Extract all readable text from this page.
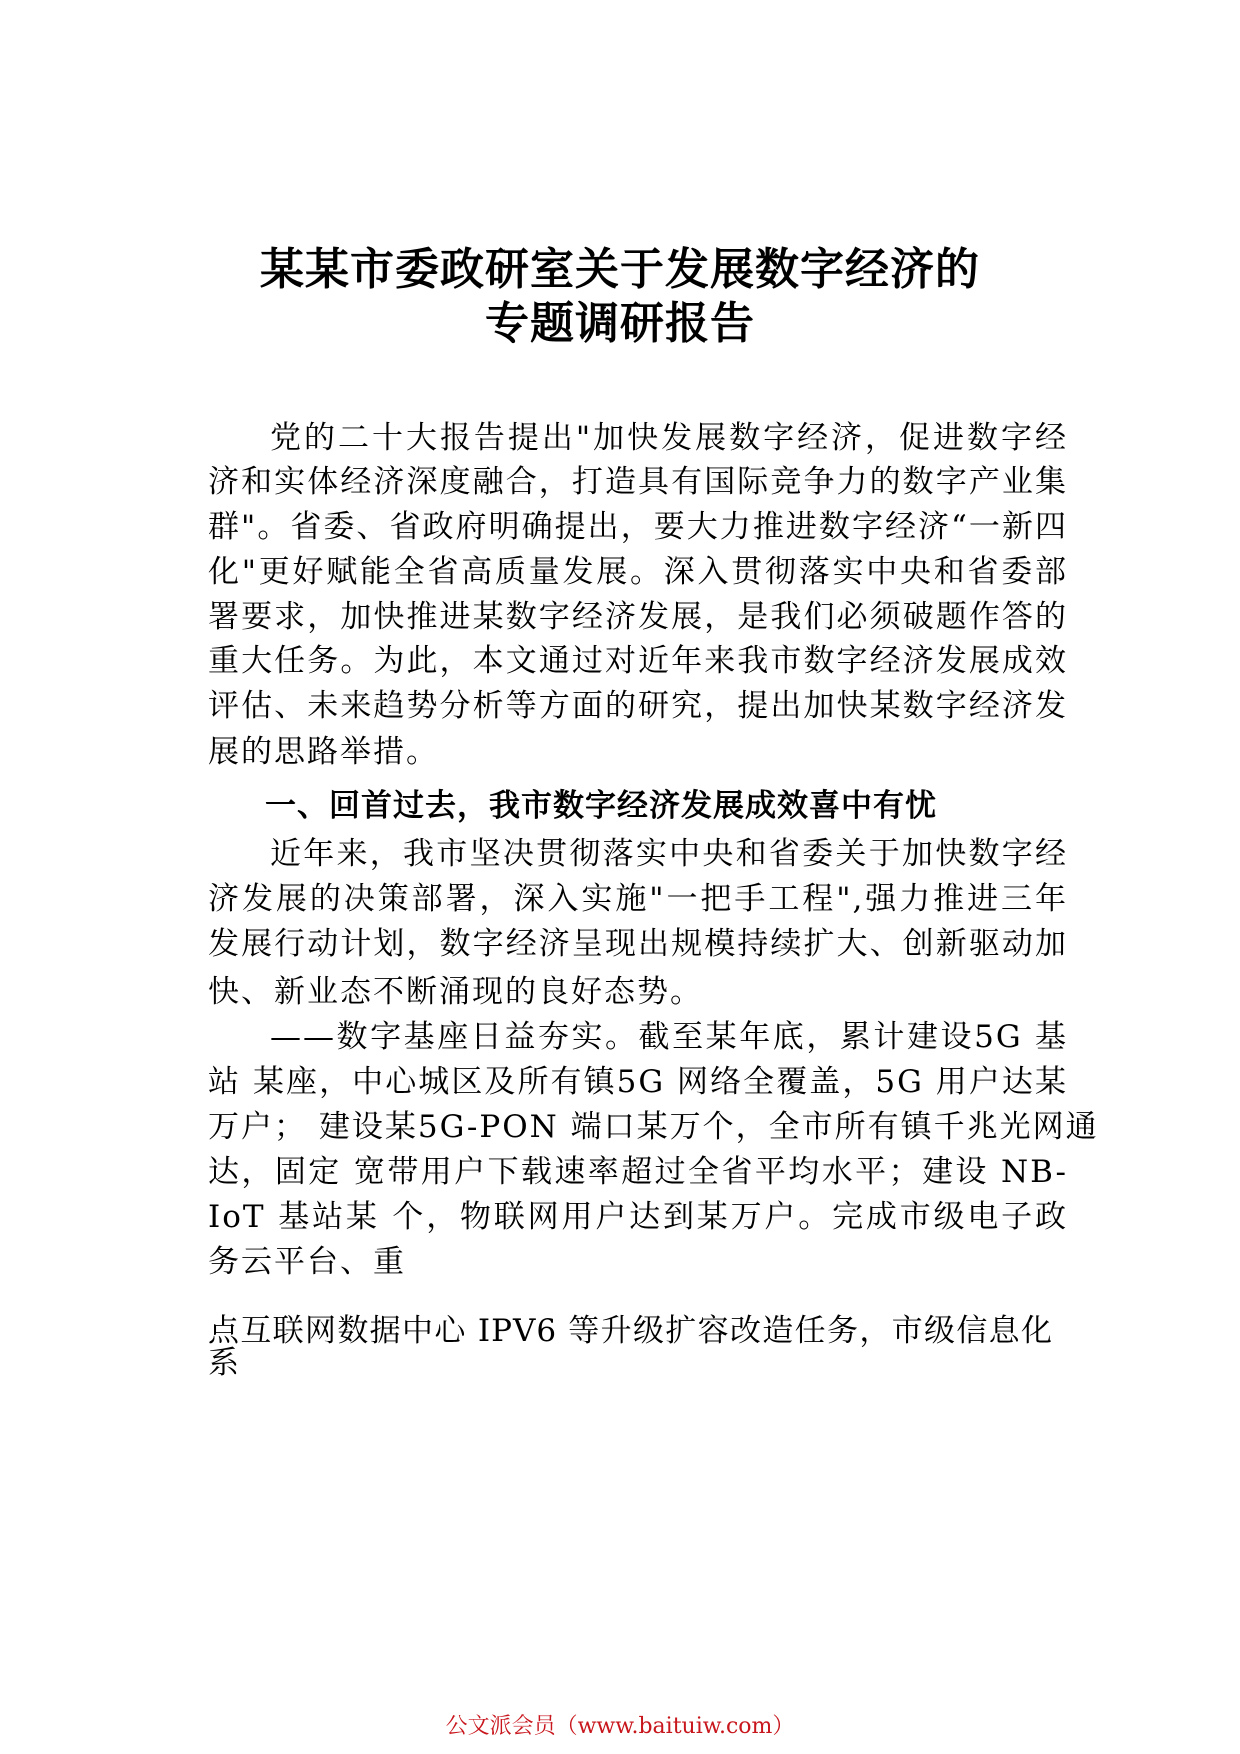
某某市委政研室关于发展数字经济的
专题调研报告
党的二十大报告提出"加快发展数字经济，促进数字经
济和实体经济深度融合，打造具有国际竞争力的数字产业集
群"。省委、省政府明确提出，要大力推进数字经济“一新四
化"更好赋能全省高质量发展。深入贯彻落实中央和省委部
署要求，加快推进某数字经济发展，是我们必须破题作答的
重大任务。为此，本文通过对近年来我市数字经济发展成效
评估、未来趋势分析等方面的研究，提出加快某数字经济发
展的思路举措。
一、回首过去，我市数字经济发展成效喜中有忧
近年来，我市坚决贯彻落实中央和省委关于加快数字经
济发展的决策部署，深入实施"一把手工程",强力推进三年
发展行动计划，数字经济呈现出规模持续扩大、创新驱动加
快、新业态不断涌现的良好态势。
——数字基座日益夯实。截至某年底，累计建设5G 基
站 某座，中心城区及所有镇5G 网络全覆盖，5G 用户达某
万户； 建设某5G-PON 端口某万个，全市所有镇千兆光网通
达，固定 宽带用户下载速率超过全省平均水平；建设 NB-
IoT 基站某 个，物联网用户达到某万户。完成市级电子政
务云平台、重
点互联网数据中心 IPV6 等升级扩容改造任务，市级信息化
系
公文派会员（www.baituiw.com）
